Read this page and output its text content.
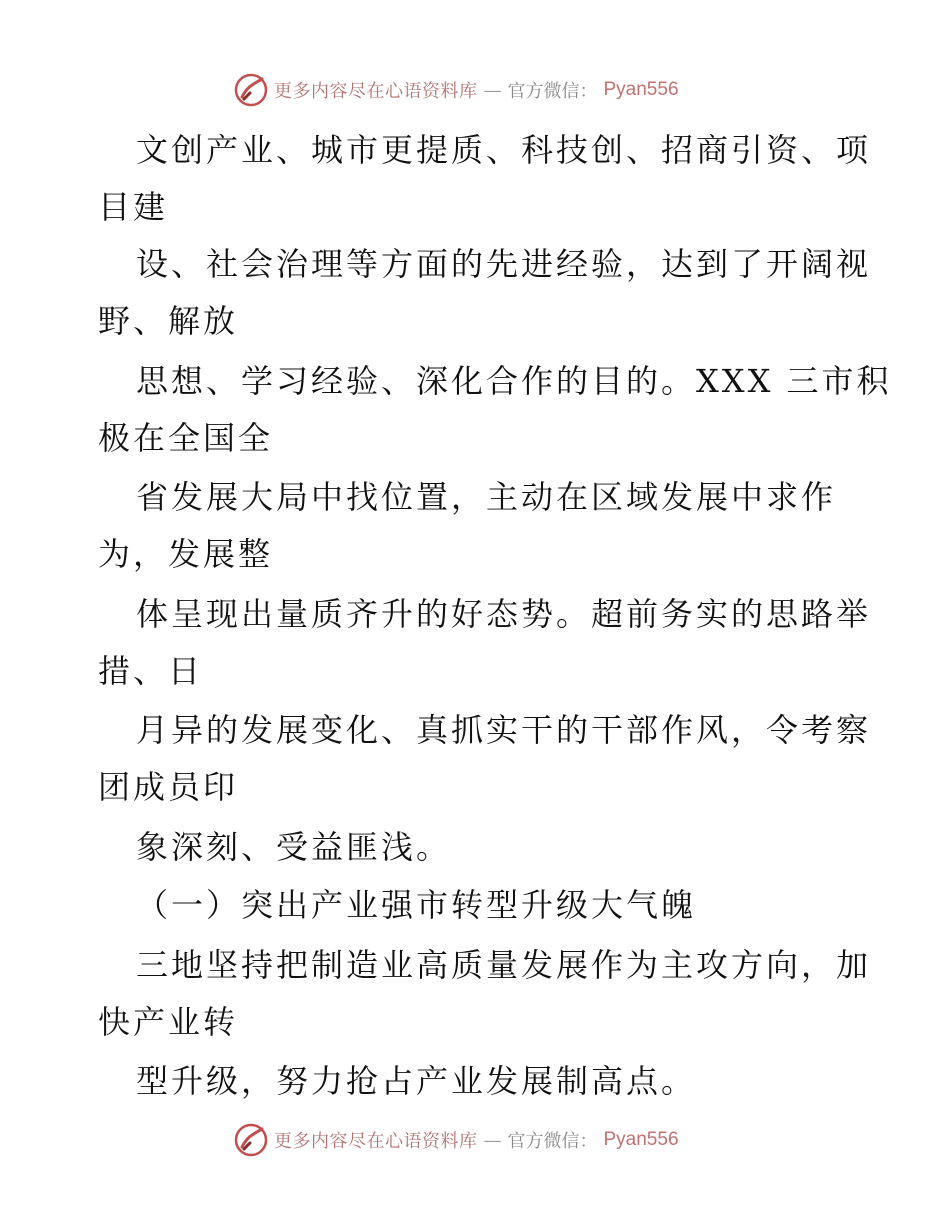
更多内容尽在心语资料库 — 官方微信： Pyan556
文创产业、城市更提质、科技创、招商引资、项
目建
设、社会治理等方面的先进经验，达到了开阔视
野、解放
思想、学习经验、深化合作的目的。XXX 三市积
极在全国全
省发展大局中找位置，主动在区域发展中求作
为，发展整
体呈现出量质齐升的好态势。超前务实的思路举
措、日
月异的发展变化、真抓实干的干部作风，令考察
团成员印
象深刻、受益匪浅。
（一）突出产业强市转型升级大气魄
三地坚持把制造业高质量发展作为主攻方向，加
快产业转
型升级，努力抢占产业发展制高点。
更多内容尽在心语资料库 — 官方微信： Pyan556
